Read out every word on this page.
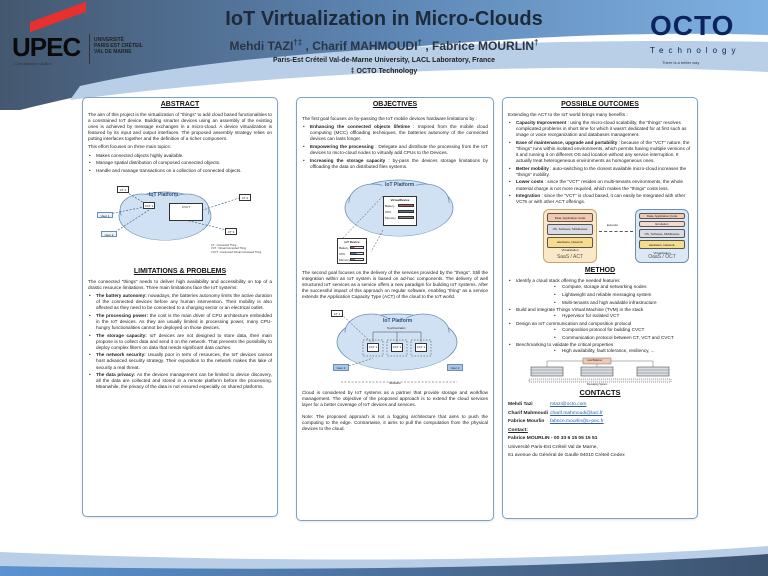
UPEC	UNIVERSITÉ
PARIS EST CRÉTEIL
VAL DE MARNE
Connaissance-Action
OCTO
Technology
There is a better way
IoT Virtualization in Micro-Clouds
Mehdi TAZI†‡ , Charif MAHMOUDI† , Fabrice MOURLIN†
Paris-Est Créteil Val-de-Marne University, LACL Laboratory, France
‡ OCTO Technology
ABSTRACT

The aim of this project is the virtualization of “things” to add cloud based functionalities to a constrained IoT device. Building smarter devices using an assembly of the existing ones is achieved by message exchanges in a micro-cloud. A device virtualization is featured by its input and output interfaces. The proposed assembly strategy relies on putting interfaces together and the definition of a richer component.

This effort focuses on three main topics:

• Makes connected objects highly available.
• Manage spatial distribution of composed connected objects.
• Handle and manage transactions on a collection of connected objects.
IoT Platform
CT 1
VCT 1	CVCT
User 1
User 2
CT 2
CT 3
CT : Connected Thing
VCT : Virtual Connected Thing
CVCT : Composed Virtual Connected Thing
LIMITATIONS & PROBLEMS

The connected “things” needs to deliver high availability and accessibility on top of a drastic resource limitations. Three main limitations face the IoT systems:

• The battery autonomy: nowadays, the batteries autonomy limits the active duration of the connected devices before any human intervention. Their mobility is also affected as they need to be connected to a charging sector or an electrical outlet.
• The processing power: the cost is the main driver of CPU architecture embedded in the IoT devices. As they are usually limited in processing power, many CPU-hungry functionalities cannot be deployed on those devices.
• The storage capacity: IoT devices are not designed to store data, their main propose is to collect data and send it on the network. That prevents the possibility to deploy complex filters on data that needs significant data caches.
• The network security: Usually poor in term of resources, the IoT devices cannot host advanced security strategy. Their exposition to the network makes this lake of security a real threat.
• The data privacy: As the devices management can be limited to device discovery, all the data are collected and stored in a remote platform before the processing. Meanwhile, the privacy of the data is not ensured especially on shared platforms.
OBJECTIVES

The first goal focuses on by-passing the IoT mobile devices hardware limitations by :

• Enhancing the connected objects lifetime : Inspired from the mobile cloud computing (MCC) offloading techniques, the batteries autonomy of the connected devices can lasts longer.
• Empowering the processing : Delegate and distribute the processing from the IoT devices to micro-cloud nodes to virtually add CPUs to the Devices.
• Increasing the storage capacity : by-pass the devices storage limitations by offloading the data on distributed files systems.
IoT Platform
VirtualDevice
Battery
CPU
Memory
IoT Device
Battery
CPU
Memory

The second goal focuses on the delivery of the services provided by the “things”. Still the integration within an IoT system is based on ad-hoc components. The delivery of well structured IoT services as a service offers a new paradigm for building IoT systems. After the successful impact of this approach on regular software, enabling “thing” as a service extends the Application Capacity Type (ACT) of the cloud to the IoT world.

IoT Platform
Synchronization
CT 1
VCT 1	VCT 1	VCT 1
User 1	User 2
Notification

Cloud is considered by IoT systems as a partner that provide storage and workflow management. The objective of the proposed approach is to extend the cloud services layer for a better coverage of IoT devices and services.

Note: The proposed approach is not a fogging architecture that aims to push the computing to the edge. Contrariwise, it aims to pull the computation from the physical devices to the cloud.

POSSIBLE OUTCOMES

Extending the ACT to the IoT world brings many benefits :

• Capacity Improvement : using the micro-cloud scalability, the “things” resolves complicated problems in short time for which it wasn't dedicated for at first such as image or voice reorganization and databases management.
• Ease of maintenance, upgrade and portability : because of the “VCT” nature, the “things” runs within isolated environments, which permits having multiple versions of it and running it on different OS and location without any service interruption. It actually treat heterogeneous environments as homogeneous ones.
• Better mobility : auto-switching to the closest available micro-cloud increases the “things” mobility.
• Lower costs : since the “VCT” resides on multi-tenants environments, the whole material charge is not more required, which makes the “things” costs less.
• Integration : since the “VCT” is cloud based, it can easily be integrated with other VCTs or with other ACT offerings.
Data, Application Code
OS, Software, Middleware
Hardware, Network, Virtualization
SaaS / ACT
Extends
Data, Application Code
Emulation
OS, Software, Middleware
Hardware, Network, Virtualization
OaaS / OCT
METHOD
• Identify a cloud stack offering the needed features
• Compute, storage and networking nodes
• Lightweight and reliable messaging system
• Multi-tenants and high available infrastructure
• Build and integrate Things Virtual Machine (TVM) in the stack
• Hypervisor for isolated VCT
• Design an IoT communication and composition protocol
• Composition protocol for building CVCT
• Communication protocol between CT, VCT and CVCT
• Benchmarking to validate the critical properties
• High availability, fault tolerance, resiliency, ...
Load Balancer
Messaging System
CONTACTS
Mehdi Tazi	mtazi@octo.com
Charif Mahmoudi charif.mahmoudi@lacl.fr
Fabrice Mourlin	fabrice.mourlin@u-pec.fr
Contact:
Fabrice MOURLIN - 00 33 6 15 05 15 51
Université Paris-Est Créteil Val de Marne,
61 avenue du Général de Gaulle 94010 Créteil Cedex
